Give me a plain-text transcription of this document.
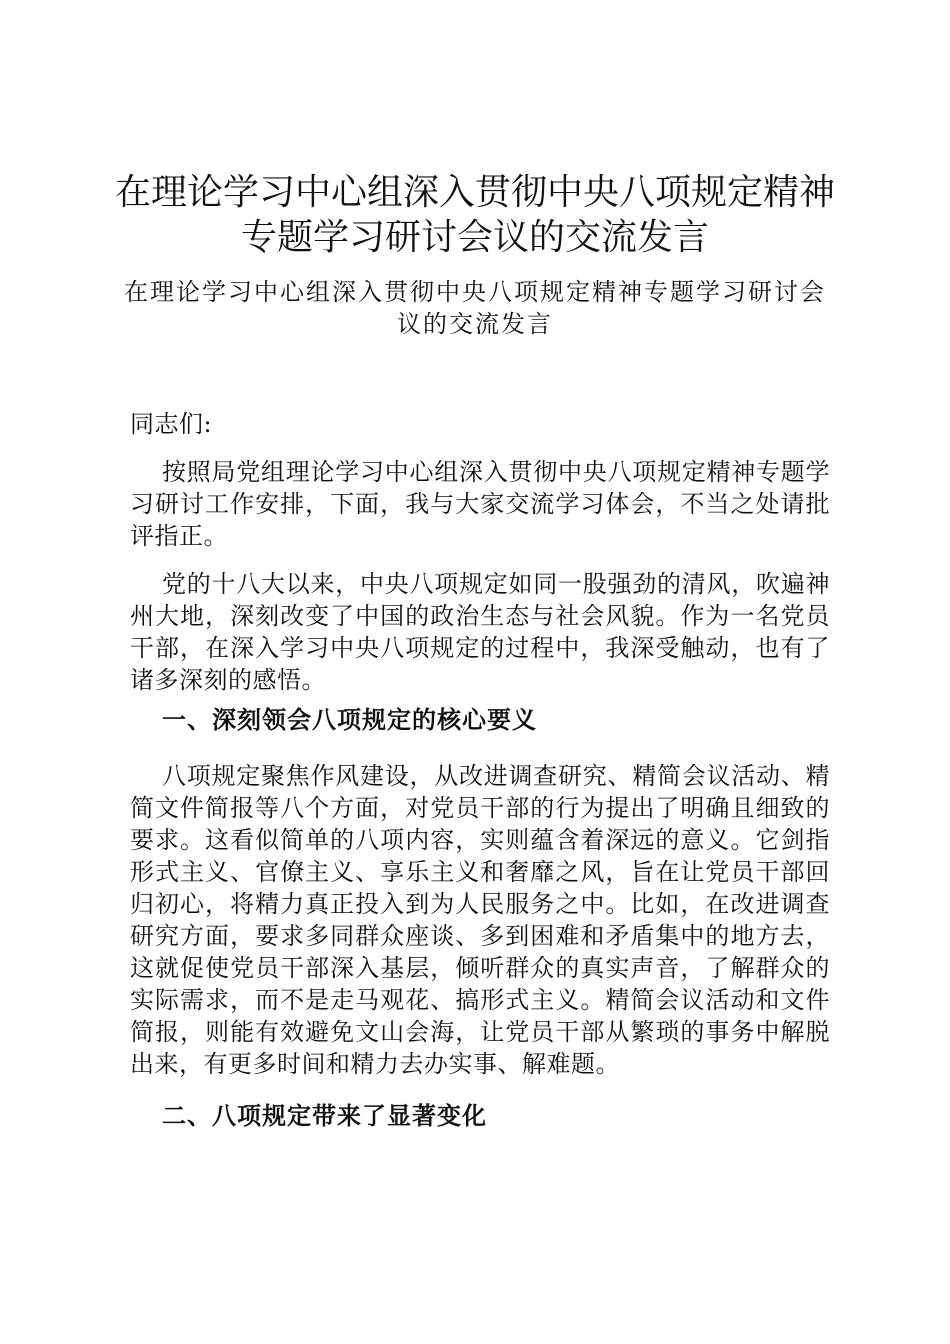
在理论学习中心组深入贯彻中央八项规定精神专题学习研讨会议的交流发言

在理论学习中心组深入贯彻中央八项规定精神专题学习研讨会议的交流发言

同志们:

按照局党组理论学习中心组深入贯彻中央八项规定精神专题学习研讨工作安排，下面，我与大家交流学习体会，不当之处请批评指正。

党的十八大以来，中央八项规定如同一股强劲的清风，吹遍神州大地，深刻改变了中国的政治生态与社会风貌。作为一名党员干部，在深入学习中央八项规定的过程中，我深受触动，也有了诸多深刻的感悟。

一、深刻领会八项规定的核心要义

八项规定聚焦作风建设，从改进调查研究、精简会议活动、精简文件简报等八个方面，对党员干部的行为提出了明确且细致的要求。这看似简单的八项内容，实则蕴含着深远的意义。它剑指形式主义、官僚主义、享乐主义和奢靡之风，旨在让党员干部回归初心，将精力真正投入到为人民服务之中。比如，在改进调查研究方面，要求多同群众座谈、多到困难和矛盾集中的地方去，这就促使党员干部深入基层，倾听群众的真实声音，了解群众的实际需求，而不是走马观花、搞形式主义。精简会议活动和文件简报，则能有效避免文山会海，让党员干部从繁琐的事务中解脱出来，有更多时间和精力去办实事、解难题。

二、八项规定带来了显著变化
